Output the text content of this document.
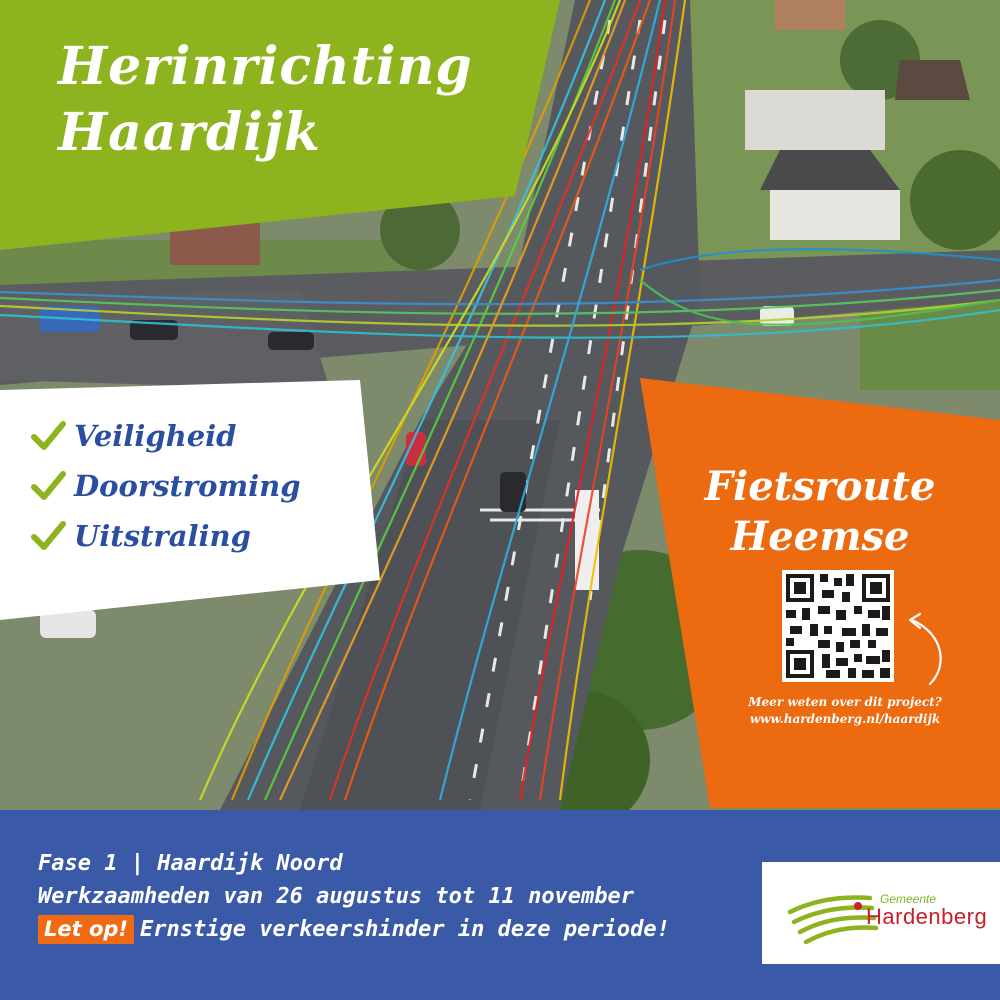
Herinrichting
Haardijk
Veiligheid
Doorstroming
Uitstraling
Fietsroute
Heemse
Meer weten over dit project?
www.hardenberg.nl/haardijk
Fase 1 | Haardijk Noord
Werkzaamheden van 26 augustus tot 11 november
Let op! Ernstige verkeershinder in deze periode!
Gemeente
Hardenberg
